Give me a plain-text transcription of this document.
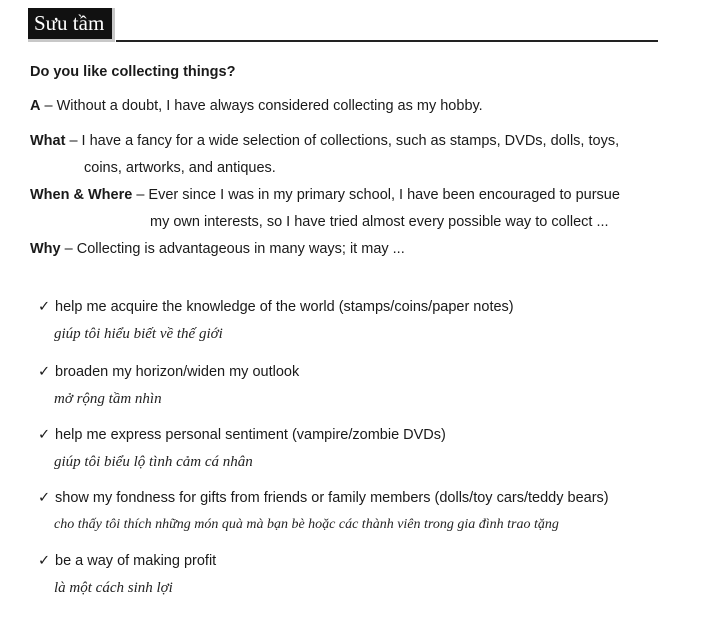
Sưu tầm
Do you like collecting things?
A – Without a doubt, I have always considered collecting as my hobby.
What – I have a fancy for a wide selection of collections, such as stamps, DVDs, dolls, toys,
coins, artworks, and antiques.
When & Where – Ever since I was in my primary school, I have been encouraged to pursue
my own interests, so I have tried almost every possible way to collect ...
Why – Collecting is advantageous in many ways; it may ...
✓ help me acquire the knowledge of the world (stamps/coins/paper notes)
giúp tôi hiểu biết về thế giới
✓ broaden my horizon/widen my outlook
mở rộng tầm nhìn
✓ help me express personal sentiment (vampire/zombie DVDs)
giúp tôi biểu lộ tình cảm cá nhân
✓ show my fondness for gifts from friends or family members (dolls/toy cars/teddy bears)
cho thấy tôi thích những món quà mà bạn bè hoặc các thành viên trong gia đình trao tặng
✓ be a way of making profit
là một cách sinh lợi
